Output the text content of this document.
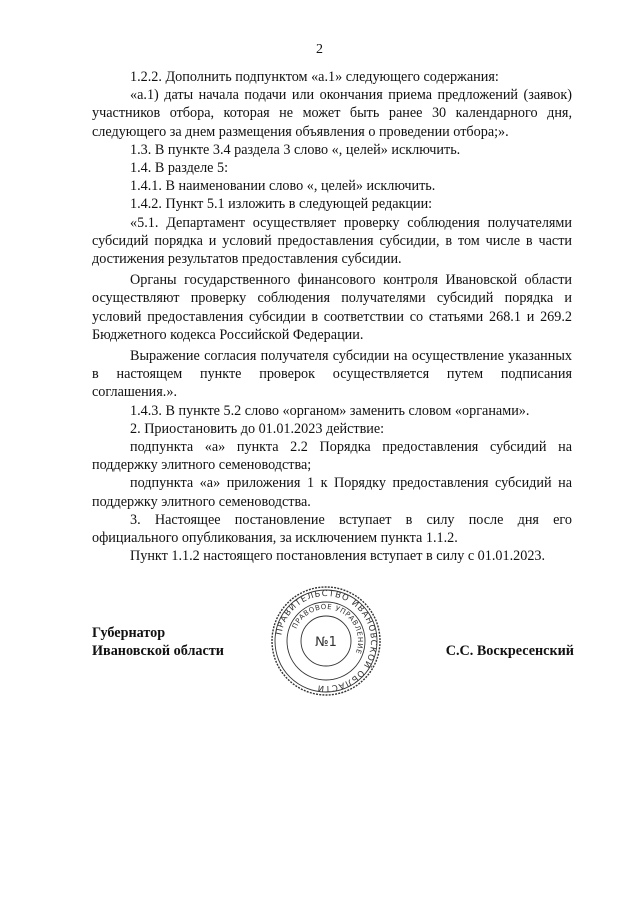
2

1.2.2. Дополнить подпунктом «а.1» следующего содержания:

«а.1) даты начала подачи или окончания приема предложений (заявок) участников отбора, которая не может быть ранее 30 календарного дня, следующего за днем размещения объявления о проведении отбора;».

1.3. В пункте 3.4 раздела 3 слово «, целей» исключить.

1.4. В разделе 5:

1.4.1. В наименовании слово «, целей» исключить.

1.4.2. Пункт 5.1 изложить в следующей редакции:

«5.1. Департамент осуществляет проверку соблюдения получателями субсидий порядка и условий предоставления субсидии, в том числе в части достижения результатов предоставления субсидии.

Органы государственного финансового контроля Ивановской области осуществляют проверку соблюдения получателями субсидий порядка и условий предоставления субсидии в соответствии со статьями 268.1 и 269.2 Бюджетного кодекса Российской Федерации.

Выражение согласия получателя субсидии на осуществление указанных в настоящем пункте проверок осуществляется путем подписания соглашения.».

1.4.3. В пункте 5.2 слово «органом» заменить словом «органами».

2. Приостановить до 01.01.2023 действие:

подпункта «а» пункта 2.2 Порядка предоставления субсидий на поддержку элитного семеноводства;

подпункта «а» приложения 1 к Порядку предоставления субсидий на поддержку элитного семеноводства.

3. Настоящее постановление вступает в силу после дня его официального опубликования, за исключением пункта 1.1.2.

Пункт 1.1.2 настоящего постановления вступает в силу с 01.01.2023.

Губернатор
Ивановской области	С.С. Воскресенский
ПРАВИТЕЛЬСТВО ИВАНОВСКОЙ ОБЛАСТИ
ПРАВОВОЕ УПРАВЛЕНИЕ
№1
